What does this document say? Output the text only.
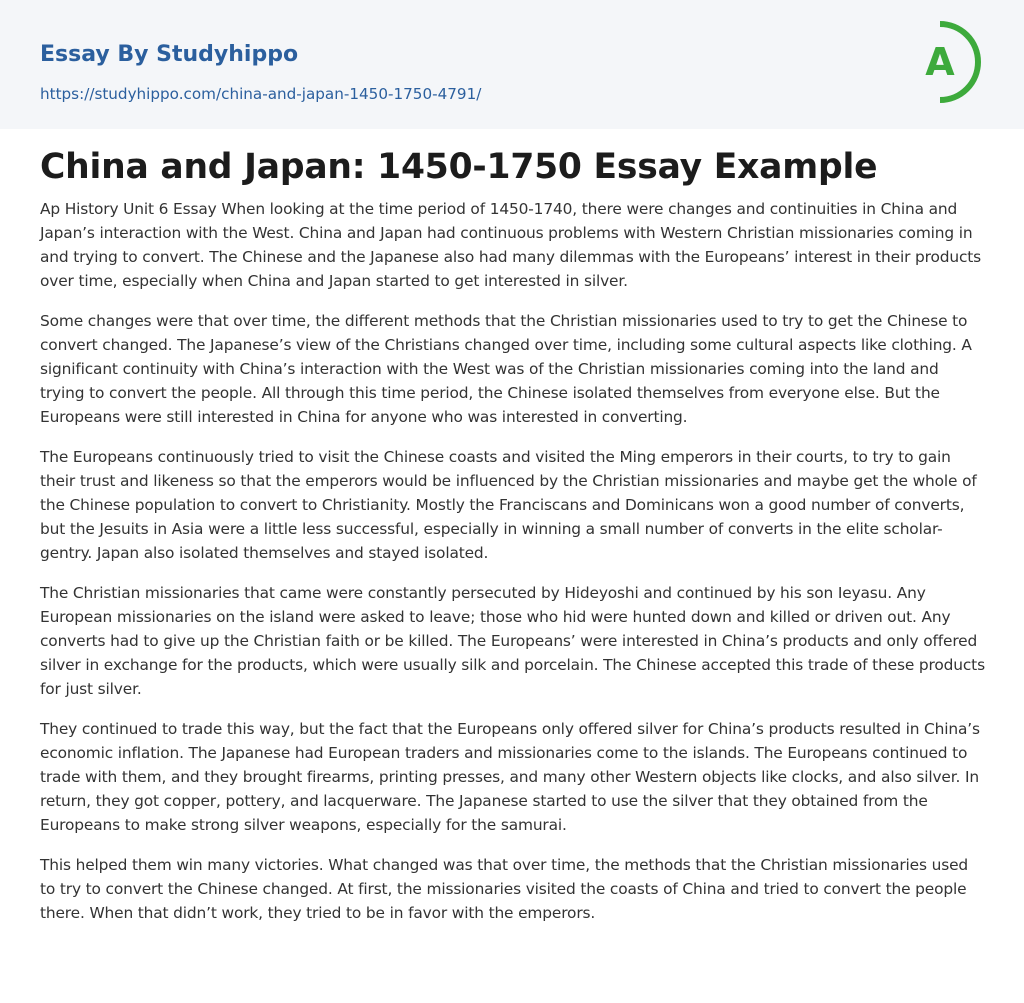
Essay By Studyhippo
https://studyhippo.com/china-and-japan-1450-1750-4791/
A
China and Japan: 1450-1750 Essay Example

Ap History Unit 6 Essay When looking at the time period of 1450-1740, there were changes and continuities in China and Japan’s interaction with the West. China and Japan had continuous problems with Western Christian missionaries coming in and trying to convert. The Chinese and the Japanese also had many dilemmas with the Europeans’ interest in their products over time, especially when China and Japan started to get interested in silver.

Some changes were that over time, the different methods that the Christian missionaries used to try to get the Chinese to convert changed. The Japanese’s view of the Christians changed over time, including some cultural aspects like clothing. A significant continuity with China’s interaction with the West was of the Christian missionaries coming into the land and trying to convert the people. All through this time period, the Chinese isolated themselves from everyone else. But the Europeans were still interested in China for anyone who was interested in converting.

The Europeans continuously tried to visit the Chinese coasts and visited the Ming emperors in their courts, to try to gain their trust and likeness so that the emperors would be influenced by the Christian missionaries and maybe get the whole of the Chinese population to convert to Christianity. Mostly the Franciscans and Dominicans won a good number of converts, but the Jesuits in Asia were a little less successful, especially in winning a small number of converts in the elite scholar-gentry. Japan also isolated themselves and stayed isolated.

The Christian missionaries that came were constantly persecuted by Hideyoshi and continued by his son Ieyasu. Any European missionaries on the island were asked to leave; those who hid were hunted down and killed or driven out. Any converts had to give up the Christian faith or be killed. The Europeans’ were interested in China’s products and only offered silver in exchange for the products, which were usually silk and porcelain. The Chinese accepted this trade of these products for just silver.

They continued to trade this way, but the fact that the Europeans only offered silver for China’s products resulted in China’s economic inflation. The Japanese had European traders and missionaries come to the islands. The Europeans continued to trade with them, and they brought firearms, printing presses, and many other Western objects like clocks, and also silver. In return, they got copper, pottery, and lacquerware. The Japanese started to use the silver that they obtained from the Europeans to make strong silver weapons, especially for the samurai.

This helped them win many victories. What changed was that over time, the methods that the Christian missionaries used to try to convert the Chinese changed. At first, the missionaries visited the coasts of China and tried to convert the people there. When that didn’t work, they tried to be in favor with the emperors.
